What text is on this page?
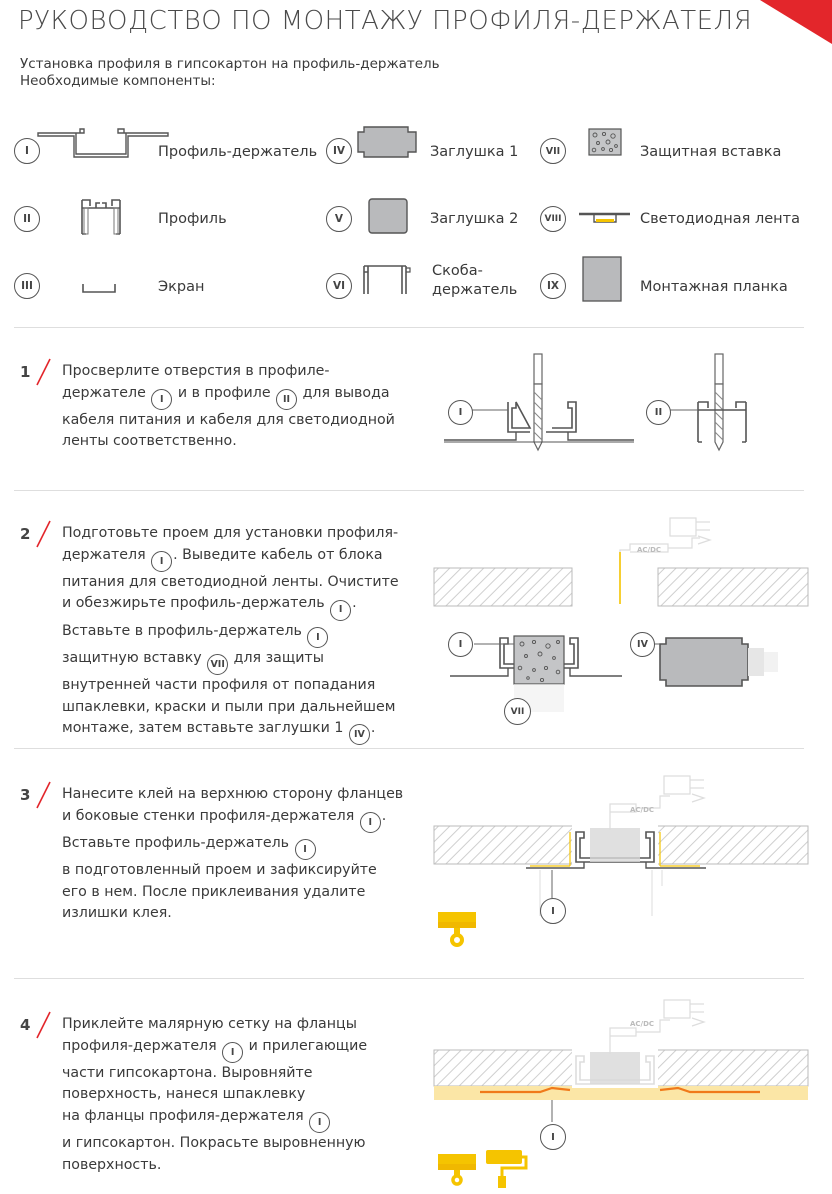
РУКОВОДСТВО ПО МОНТАЖУ ПРОФИЛЯ-ДЕРЖАТЕЛЯ
Установка профиля в гипсокартон на профиль-держатель
Необходимые компоненты:
I	Профиль-держатель
II	Профиль
III	Экран
IV	Заглушка 1
V	Заглушка 2
VI
Скоба-
держатель
VII	Защитная вставка
VIII	Светодиодная лента
IX	Монтажная планка
1 Просверлите отверстия в профиле-
держателе I и в профиле II для вывода
кабеля питания и кабеля для светодиодной
ленты соответственно.
I	II
2 Подготовьте проем для установки профиля-
держателя I . Выведите кабель от блока
питания для светодиодной ленты. Очистите
и обезжирьте профиль-держатель I .
Вставьте в профиль-держатель I
защитную вставку VII для защиты
внутренней части профиля от попадания
шпаклевки, краски и пыли при дальнейшем
монтаже, затем вставьте заглушки 1 IV .
AC/DC
I	IV
VII
3 Нанесите клей на верхнюю сторону фланцев
и боковые стенки профиля-держателя I .
Вставьте профиль-держатель I
в подготовленный проем и зафиксируйте
его в нем. После приклеивания удалите
излишки клея.
AC/DC
I
4 Приклейте малярную сетку на фланцы
профиля-держателя I и прилегающие
части гипсокартона. Выровняйте
поверхность, нанеся шпаклевку
на фланцы профиля-держателя I
и гипсокартон. Покрасьте выровненную
поверхность.
AC/DC
I
